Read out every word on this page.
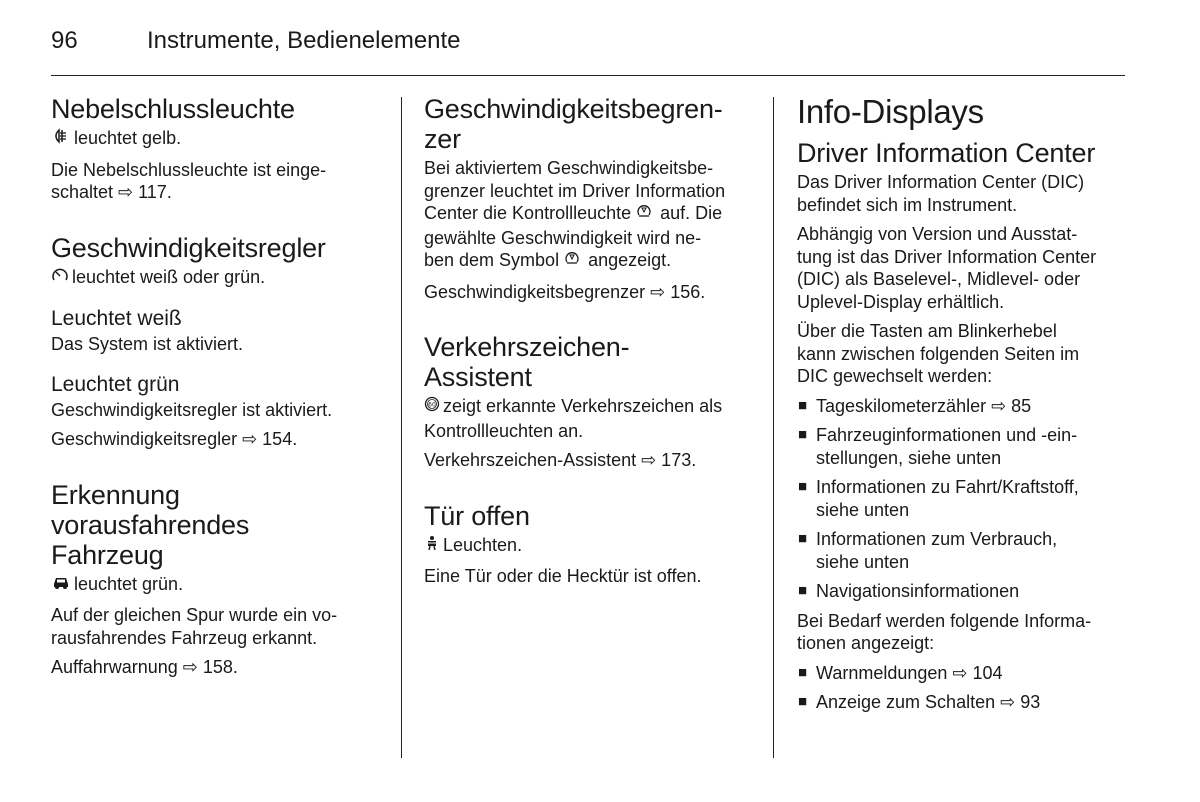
96	Instrumente, Bedienelemente
Nebelschlussleuchte

leuchtet gelb.

Die Nebelschlussleuchte ist einge-
schaltet ⇨ 117.

Geschwindigkeitsregler

leuchtet weiß oder grün.

Leuchtet weiß

Das System ist aktiviert.

Leuchtet grün

Geschwindigkeitsregler ist aktiviert.

Geschwindigkeitsregler ⇨ 154.

Erkennung
vorausfahrendes
Fahrzeug

leuchtet grün.

Auf der gleichen Spur wurde ein vo-
rausfahrendes Fahrzeug erkannt.

Auffahrwarnung ⇨ 158.

Geschwindigkeitsbegren-
zer

Bei aktiviertem Geschwindigkeitsbe-
grenzer leuchtet im Driver Information
Center die Kontrollleuchte auf. Die
gewählte Geschwindigkeit wird ne-
ben dem Symbol angezeigt.

Geschwindigkeitsbegrenzer ⇨ 156.

Verkehrszeichen-
Assistent

60 zeigt erkannte Verkehrszeichen als
Kontrollleuchten an.

Verkehrszeichen-Assistent ⇨ 173.

Tür offen

Leuchten.

Eine Tür oder die Hecktür ist offen.

Info-Displays
Driver Information Center

Das Driver Information Center (DIC)
befindet sich im Instrument.

Abhängig von Version und Ausstat-
tung ist das Driver Information Center
(DIC) als Baselevel-, Midlevel- oder
Uplevel-Display erhältlich.

Über die Tasten am Blinkerhebel
kann zwischen folgenden Seiten im
DIC gewechselt werden:

■ Tageskilometerzähler ⇨ 85
■ Fahrzeuginformationen und -ein-
stellungen, siehe unten
■ Informationen zu Fahrt/Kraftstoff,
siehe unten
■ Informationen zum Verbrauch,
siehe unten
■ Navigationsinformationen

Bei Bedarf werden folgende Informa-
tionen angezeigt:

■ Warnmeldungen ⇨ 104
■ Anzeige zum Schalten ⇨ 93
